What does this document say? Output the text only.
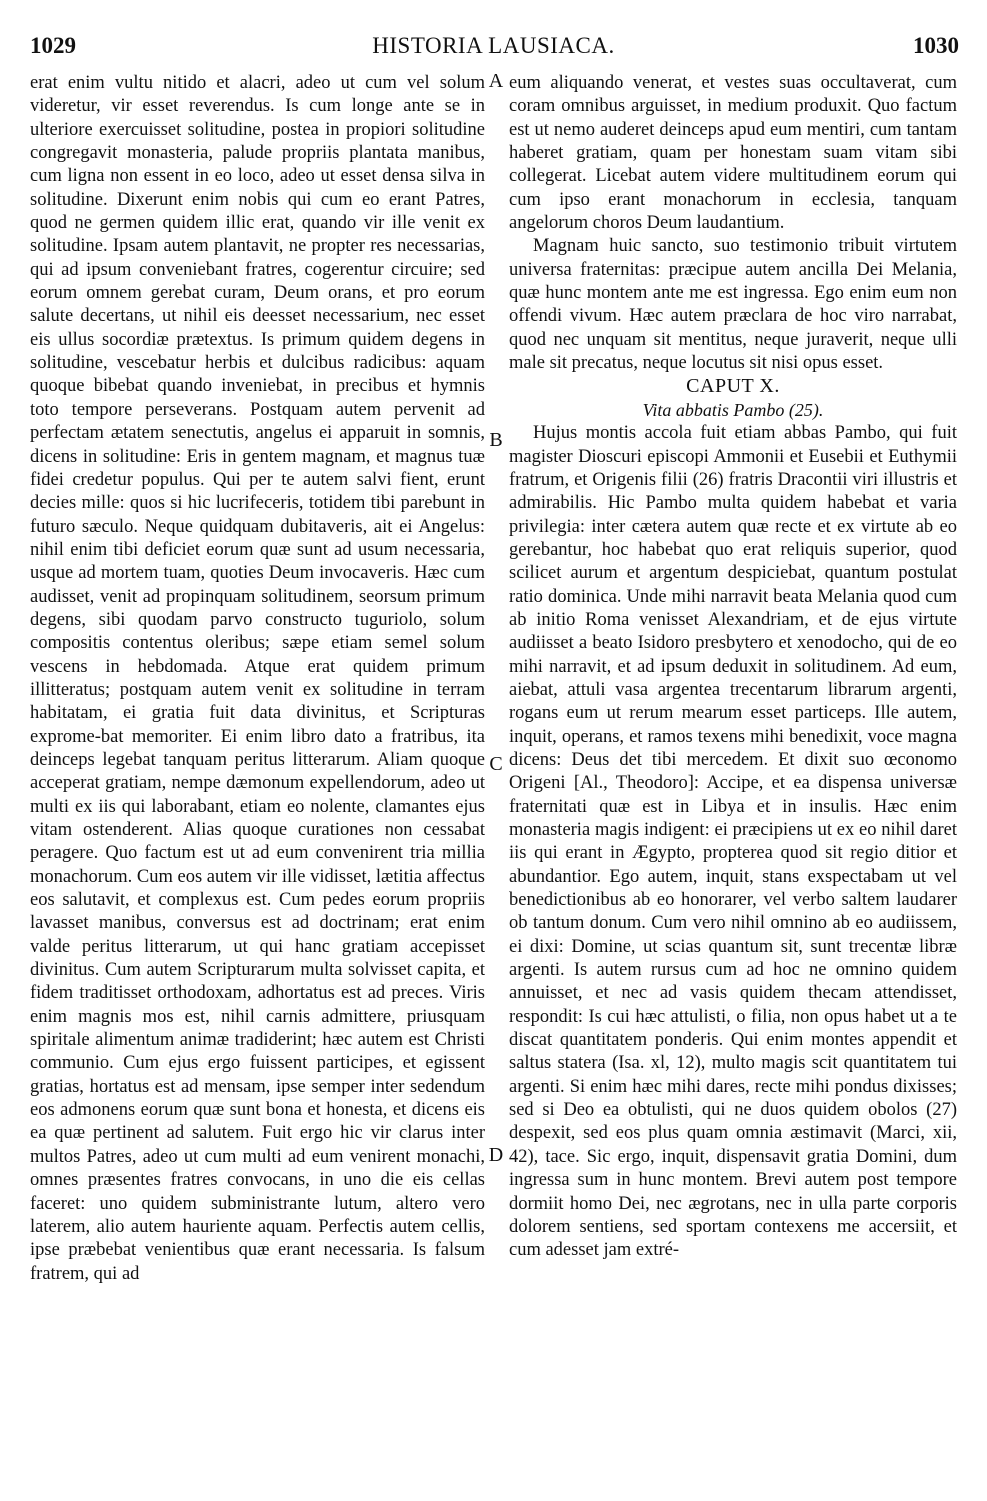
1029	HISTORIA LAUSIACA.	1030

erat enim vultu nitido et alacri, adeo ut cum vel solum videretur, vir esset reverendus. Is cum longe ante se in ulteriore exercuisset solitudine, postea in propiori solitudine congregavit monasteria, palude propriis plantata manibus, cum ligna non essent in eo loco, adeo ut esset densa silva in solitudine. Dixerunt enim nobis qui cum eo erant Patres, quod ne germen quidem illic erat, quando vir ille venit ex solitudine. Ipsam autem plantavit, ne propter res necessarias, qui ad ipsum conveniebant fratres, cogerentur circuire; sed eorum omnem gerebat curam, Deum orans, et pro eorum salute decertans, ut nihil eis deesset necessarium, nec esset eis ullus socordiæ prætextus. Is primum quidem degens in solitudine, vescebatur herbis et dulcibus radicibus: aquam quoque bibebat quando inveniebat, in precibus et hymnis toto tempore perseverans. Postquam autem pervenit ad perfectam ætatem senectutis, angelus ei apparuit in somnis, dicens in solitudine: Eris in gentem magnam, et magnus tuæ fidei credetur populus. Qui per te autem salvi fient, erunt decies mille: quos si hic lucrifeceris, totidem tibi parebunt in futuro sæculo. Neque quidquam dubitaveris, ait ei Angelus: nihil enim tibi deficiet eorum quæ sunt ad usum necessaria, usque ad mortem tuam, quoties Deum invocaveris. Hæc cum audisset, venit ad propinquam solitudinem, seorsum primum degens, sibi quodam parvo constructo tuguriolo, solum compositis contentus oleribus; sæpe etiam semel solum vescens in hebdomada. Atque erat quidem primum illitteratus; postquam autem venit ex solitudine in terram habitatam, ei gratia fuit data divinitus, et Scripturas exprome-bat memoriter. Ei enim libro dato a fratribus, ita deinceps legebat tanquam peritus litterarum. Aliam quoque acceperat gratiam, nempe dæmonum expellendorum, adeo ut multi ex iis qui laborabant, etiam eo nolente, clamantes ejus vitam ostenderent. Alias quoque curationes non cessabat peragere. Quo factum est ut ad eum convenirent tria millia monachorum. Cum eos autem vir ille vidisset, lætitia affectus eos salutavit, et complexus est. Cum pedes eorum propriis lavasset manibus, conversus est ad doctrinam; erat enim valde peritus litterarum, ut qui hanc gratiam accepisset divinitus. Cum autem Scripturarum multa solvisset capita, et fidem traditisset orthodoxam, adhortatus est ad preces. Viris enim magnis mos est, nihil carnis admittere, priusquam spiritale alimentum animæ tradiderint; hæc autem est Christi communio. Cum ejus ergo fuissent participes, et egissent gratias, hortatus est ad mensam, ipse semper inter sedendum eos admonens eorum quæ sunt bona et honesta, et dicens eis ea quæ pertinent ad salutem. Fuit ergo hic vir clarus inter multos Patres, adeo ut cum multi ad eum venirent monachi, omnes præsentes fratres convocans, in uno die eis cellas faceret: uno quidem subministrante lutum, altero vero laterem, alio autem hauriente aquam. Perfectis autem cellis, ipse præbebat venientibus quæ erant necessaria. Is falsum fratrem, qui ad

A
B
C
D

eum aliquando venerat, et vestes suas occultaverat, cum coram omnibus arguisset, in medium produxit. Quo factum est ut nemo auderet deinceps apud eum mentiri, cum tantam haberet gratiam, quam per honestam suam vitam sibi collegerat. Licebat autem videre multitudinem eorum qui cum ipso erant monachorum in ecclesia, tanquam angelorum choros Deum laudantium.

Magnam huic sancto, suo testimonio tribuit virtutem universa fraternitas: præcipue autem ancilla Dei Melania, quæ hunc montem ante me est ingressa. Ego enim eum non offendi vivum. Hæc autem præclara de hoc viro narrabat, quod nec unquam sit mentitus, neque juraverit, neque ulli male sit precatus, neque locutus sit nisi opus esset.

CAPUT X.

Vita abbatis Pambo (25).

Hujus montis accola fuit etiam abbas Pambo, qui fuit magister Dioscuri episcopi Ammonii et Eusebii et Euthymii fratrum, et Origenis filii (26) fratris Dracontii viri illustris et admirabilis. Hic Pambo multa quidem habebat et varia privilegia: inter cætera autem quæ recte et ex virtute ab eo gerebantur, hoc habebat quo erat reliquis superior, quod scilicet aurum et argentum despiciebat, quantum postulat ratio dominica. Unde mihi narravit beata Melania quod cum ab initio Roma venisset Alexandriam, et de ejus virtute audiisset a beato Isidoro presbytero et xenodocho, qui de eo mihi narravit, et ad ipsum deduxit in solitudinem. Ad eum, aiebat, attuli vasa argentea trecentarum librarum argenti, rogans eum ut rerum mearum esset particeps. Ille autem, inquit, operans, et ramos texens mihi benedixit, voce magna dicens: Deus det tibi mercedem. Et dixit suo œconomo Origeni [Al., Theodoro]: Accipe, et ea dispensa universæ fraternitati quæ est in Libya et in insulis. Hæc enim monasteria magis indigent: ei præcipiens ut ex eo nihil daret iis qui erant in Ægypto, propterea quod sit regio ditior et abundantior. Ego autem, inquit, stans exspectabam ut vel benedictionibus ab eo honorarer, vel verbo saltem laudarer ob tantum donum. Cum vero nihil omnino ab eo audiissem, ei dixi: Domine, ut scias quantum sit, sunt trecentæ libræ argenti. Is autem rursus cum ad hoc ne omnino quidem annuisset, et nec ad vasis quidem thecam attendisset, respondit: Is cui hæc attulisti, o filia, non opus habet ut a te discat quantitatem ponderis. Qui enim montes appendit et saltus statera (Isa. xl, 12), multo magis scit quantitatem tui argenti. Si enim hæc mihi dares, recte mihi pondus dixisses; sed si Deo ea obtulisti, qui ne duos quidem obolos (27) despexit, sed eos plus quam omnia æstimavit (Marci, xii, 42), tace. Sic ergo, inquit, dispensavit gratia Domini, dum ingressa sum in hunc montem. Brevi autem post tempore dormiit homo Dei, nec ægrotans, nec in ulla parte corporis dolorem sentiens, sed sportam contexens me accersiit, et cum adesset jam extré-
